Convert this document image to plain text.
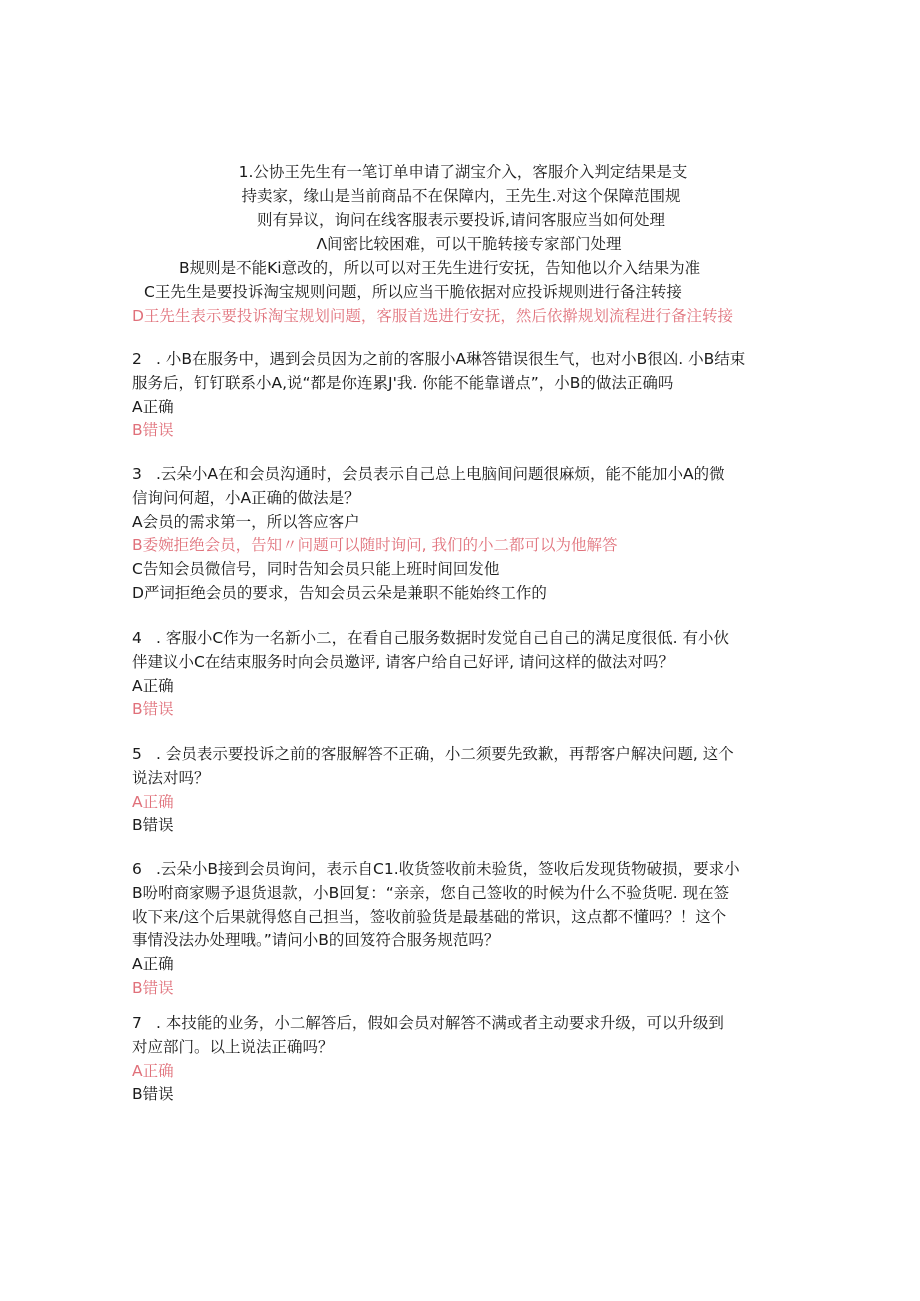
1.公协王先生有一笔订单申请了湖宝介入，客服介入判定结果是支
持卖家，缘山是当前商品不在保障内，王先生.对这个保障范围规
则有异议，询问在线客服表示要投诉,请问客服应当如何处理
Λ间密比较困难，可以干脆转接专家部门处理
B规则是不能Ki意改的，所以可以对王先生进行安抚，告知他以介入结果为准
C王先生是要投诉淘宝规则问题，所以应当干脆依据对应投诉规则进行备注转接
D王先生表示要投诉淘宝规划问题，客服首选进行安抚，然后依擀规划流程进行备注转接
2 . 小B在服务中，遇到会员因为之前的客服小A琳答错误很生气，也对小B很凶. 小B结束
服务后，钉钉联系小A,说“都是你连累J'我. 你能不能靠谱点”，小B的做法正确吗
A正确
B错误
3 .云朵小A在和会员沟通时，会员表示自己总上电脑间问题很麻烦，能不能加小A的微
信询问何超，小A正确的做法是？
A会员的需求第一，所以答应客户
B委婉拒绝会员，告知〃问题可以随时询问, 我们的小二都可以为他解答
C告知会员微信号，同时告知会员只能上班时间回发他
D严词拒绝会员的要求，告知会员云朵是兼职不能始终工作的
4 . 客服小C作为一名新小二，在看自己服务数据时发觉自己自己的满足度很低. 有小伙
伴建议小C在结束服务时向会员邀评, 请客户给自己好评, 请问这样的做法对吗？
A正确
B错误
5 . 会员表示要投诉之前的客服解答不正确，小二须要先致歉，再帮客户解决问题, 这个
说法对吗？
A正确
B错误
6 .云朵小B接到会员询问，表示自C1.收货签收前未验货，签收后发现货物破损，要求小
B吩咐商家赐予退货退款，小B回复：“亲亲，您自己签收的时候为什么不验货呢. 现在签
收下来/这个后果就得悠自己担当，签收前验货是最基础的常识，这点都不懂吗？！这个
事情没法办处理哦。”请问小B的回笈符合服务规范吗？
A正确
B错误
7 . 本技能的业务，小二解答后，假如会员对解答不满或者主动要求升级，可以升级到
对应部门。以上说法正确吗？
A正确
B错误
